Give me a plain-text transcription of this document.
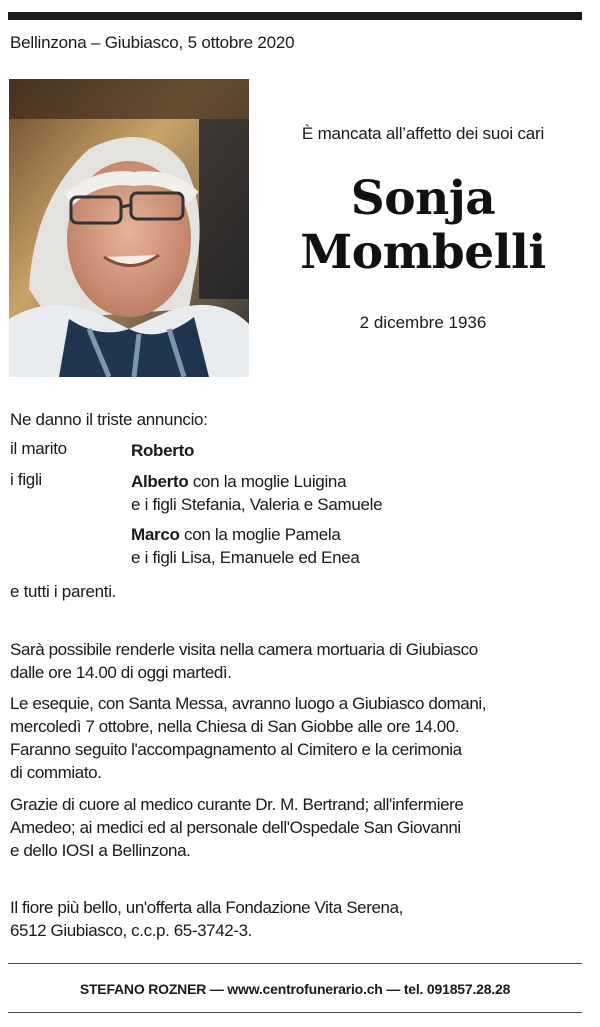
Bellinzona – Giubiasco, 5 ottobre 2020
È mancata all’affetto dei suoi cari
Sonja
Mombelli
2 dicembre 1936
Ne danno il triste annuncio:
il marito	Roberto
i figli	Alberto con la moglie Luigina
e i figli Stefania, Valeria e Samuele
Marco con la moglie Pamela
e i figli Lisa, Emanuele ed Enea
e tutti i parenti.
Sarà possibile renderle visita nella camera mortuaria di Giubiasco
dalle ore 14.00 di oggi martedì.
Le esequie, con Santa Messa, avranno luogo a Giubiasco domani,
mercoledì 7 ottobre, nella Chiesa di San Giobbe alle ore 14.00.
Faranno seguito l'accompagnamento al Cimitero e la cerimonia
di commiato.
Grazie di cuore al medico curante Dr. M. Bertrand; all'infermiere
Amedeo; ai medici ed al personale dell'Ospedale San Giovanni
e dello IOSI a Bellinzona.
Il fiore più bello, un'offerta alla Fondazione Vita Serena,
6512 Giubiasco, c.c.p. 65-3742-3.
STEFANO ROZNER — www.centrofunerario.ch — tel. 091857.28.28
